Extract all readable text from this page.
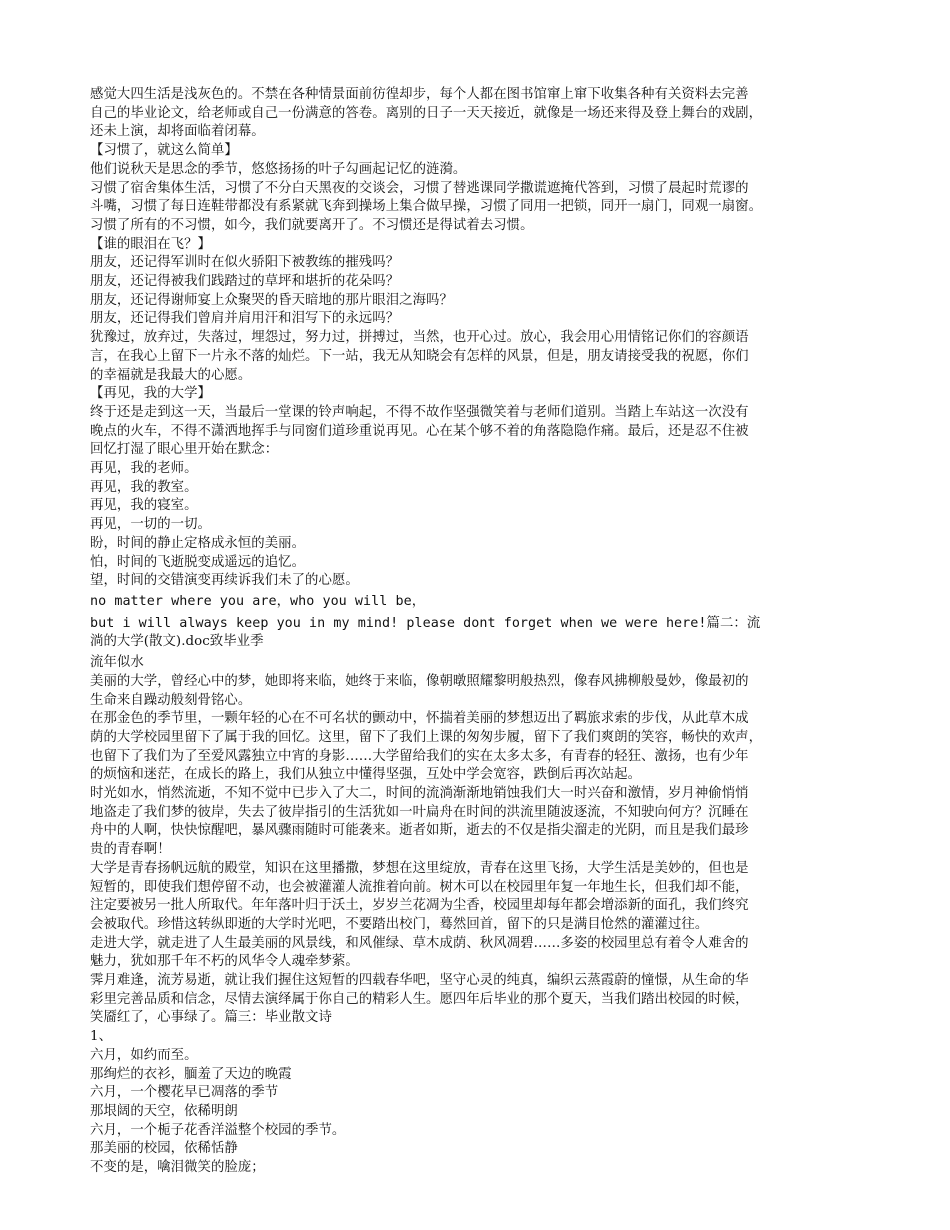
感觉大四生活是浅灰色的。不禁在各种情景面前彷徨却步，每个人都在图书馆窜上窜下收集各种有关资料去完善
自己的毕业论文，给老师或自己一份满意的答卷。离别的日子一天天接近，就像是一场还来得及登上舞台的戏剧，
还未上演，却将面临着闭幕。
【习惯了，就这么简单】
他们说秋天是思念的季节，悠悠扬扬的叶子勾画起记忆的涟漪。
习惯了宿舍集体生活，习惯了不分白天黑夜的交谈会，习惯了替逃课同学撒谎遮掩代答到，习惯了晨起时荒谬的
斗嘴，习惯了每日连鞋带都没有系紧就飞奔到操场上集合做早操，习惯了同用一把锁，同开一扇门，同观一扇窗。
习惯了所有的不习惯，如今，我们就要离开了。不习惯还是得试着去习惯。
【谁的眼泪在飞？】
朋友，还记得军训时在似火骄阳下被教练的摧残吗？
朋友，还记得被我们践踏过的草坪和堪折的花朵吗？
朋友，还记得谢师宴上众聚哭的昏天暗地的那片眼泪之海吗？
朋友，还记得我们曾肩并肩用汗和泪写下的永远吗？
犹豫过，放弃过，失落过，埋怨过，努力过，拼搏过，当然，也开心过。放心，我会用心用情铭记你们的容颜语
言，在我心上留下一片永不落的灿烂。下一站，我无从知晓会有怎样的风景，但是，朋友请接受我的祝愿，你们
的幸福就是我最大的心愿。
【再见，我的大学】
终于还是走到这一天，当最后一堂课的铃声响起，不得不故作坚强微笑着与老师们道别。当踏上车站这一次没有
晚点的火车，不得不潇洒地挥手与同窗们道珍重说再见。心在某个够不着的角落隐隐作痛。最后，还是忍不住被
回忆打湿了眼心里开始在默念：
再见，我的老师。
再见，我的教室。
再见，我的寝室。
再见，一切的一切。
盼，时间的静止定格成永恒的美丽。
怕，时间的飞逝脱变成遥远的追忆。
望，时间的交错演变再续诉我们未了的心愿。
no matter where you are，who you will be，
but i will always keep you in my mind! please dont forget when we were here!篇二：流
淌的大学(散文).doc致毕业季
流年似水
美丽的大学，曾经心中的梦，她即将来临，她终于来临，像朝暾照耀黎明般热烈，像春风拂柳般曼妙，像最初的
生命来自躁动般刻骨铭心。
在那金色的季节里，一颗年轻的心在不可名状的颤动中，怀揣着美丽的梦想迈出了羁旅求索的步伐，从此草木成
荫的大学校园里留下了属于我的回忆。这里，留下了我们上课的匆匆步履，留下了我们爽朗的笑容，畅快的欢声，
也留下了我们为了至爱风露独立中宵的身影……大学留给我们的实在太多太多，有青春的轻狂、激扬，也有少年
的烦恼和迷茫，在成长的路上，我们从独立中懂得坚强，互处中学会宽容，跌倒后再次站起。
时光如水，悄然流逝，不知不觉中已步入了大二，时间的流淌渐渐地销蚀我们大一时兴奋和激情，岁月神偷悄悄
地盗走了我们梦的彼岸，失去了彼岸指引的生活犹如一叶扁舟在时间的洪流里随波逐流，不知驶向何方？沉睡在
舟中的人啊，快快惊醒吧，暴风骤雨随时可能袭来。逝者如斯，逝去的不仅是指尖溜走的光阴，而且是我们最珍
贵的青春啊！
大学是青春扬帆远航的殿堂，知识在这里播撒，梦想在这里绽放，青春在这里飞扬，大学生活是美妙的，但也是
短暂的，即使我们想停留不动，也会被灌灌人流推着向前。树木可以在校园里年复一年地生长，但我们却不能，
注定要被另一批人所取代。年年落叶归于沃土，岁岁兰花凋为尘香，校园里却每年都会增添新的面孔，我们终究
会被取代。珍惜这转纵即逝的大学时光吧，不要踏出校门，蓦然回首，留下的只是满目怆然的灌灌过往。
走进大学，就走进了人生最美丽的风景线，和风催绿、草木成荫、秋风凋碧……多姿的校园里总有着令人难舍的
魅力，犹如那千年不朽的风华令人魂牵梦萦。
霁月难逢，流芳易逝，就让我们握住这短暂的四载春华吧，坚守心灵的纯真，编织云蒸霞蔚的憧憬，从生命的华
彩里完善品质和信念，尽情去演绎属于你自己的精彩人生。愿四年后毕业的那个夏天，当我们踏出校园的时候，
笑靥红了，心事绿了。篇三：毕业散文诗
1、
六月，如约而至。
那绚烂的衣衫，腼羞了天边的晚霞
六月，一个樱花早已凋落的季节
那垠阔的天空，依稀明朗
六月，一个栀子花香洋溢整个校园的季节。
那美丽的校园，依稀恬静
不变的是，噙泪微笑的脸庞；
